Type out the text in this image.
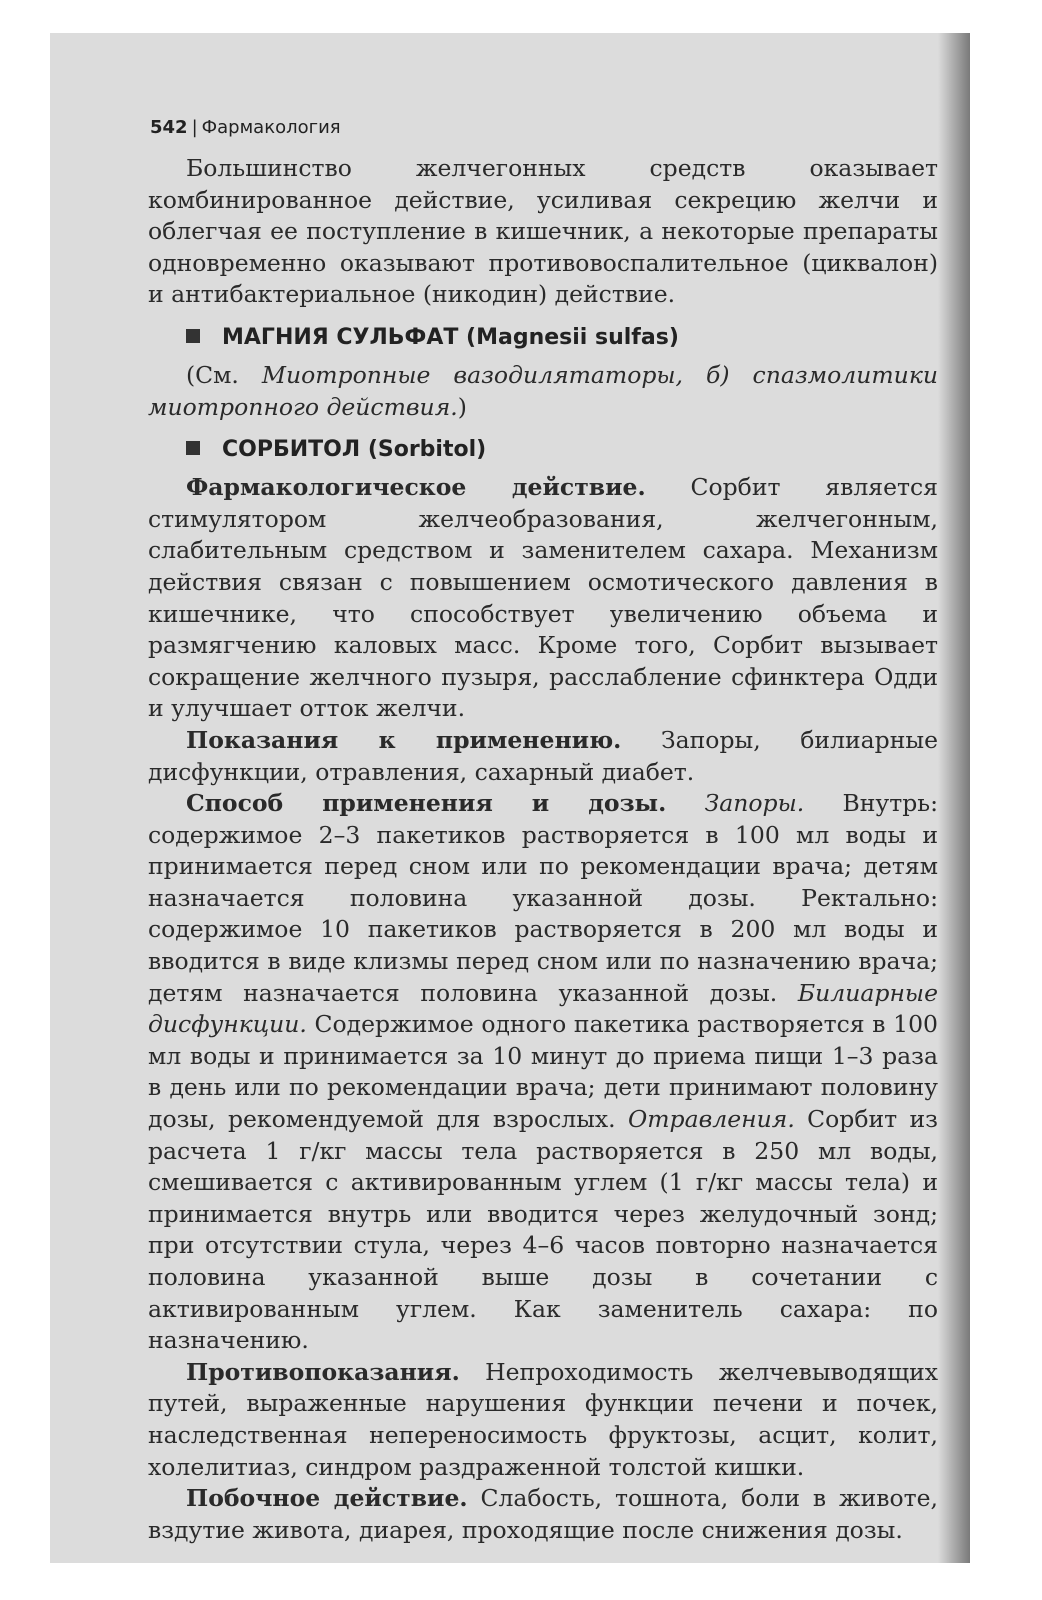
542 | Фармакология

Большинство желчегонных средств оказывает комбинированное действие, усиливая секрецию желчи и облегчая ее поступление в кишечник, а некоторые препараты одновременно оказывают противовоспалительное (циквалон) и антибактериальное (никодин) действие.

МАГНИЯ СУЛЬФАТ (Magnesii sulfas)

(См. Миотропные вазодилятаторы, б) спазмолитики миотропного действия.)

СОРБИТОЛ (Sorbitol)

Фармакологическое действие. Сорбит является стимулятором желчеобразования, желчегонным, слабительным средством и заменителем сахара. Механизм действия связан с повышением осмотического давления в кишечнике, что способствует увеличению объема и размягчению каловых масс. Кроме того, Сорбит вызывает сокращение желчного пузыря, расслабление сфинктера Одди и улучшает отток желчи.

Показания к применению. Запоры, билиарные дисфункции, отравления, сахарный диабет.

Способ применения и дозы. Запоры. Внутрь: содержимое 2–3 пакетиков растворяется в 100 мл воды и принимается перед сном или по рекомендации врача; детям назначается половина указанной дозы. Ректально: содержимое 10 пакетиков растворяется в 200 мл воды и вводится в виде клизмы перед сном или по назначению врача; детям назначается половина указанной дозы. Билиарные дисфункции. Содержимое одного пакетика растворяется в 100 мл воды и принимается за 10 минут до приема пищи 1–3 раза в день или по рекомендации врача; дети принимают половину дозы, рекомендуемой для взрослых. Отравления. Сорбит из расчета 1 г/кг массы тела растворяется в 250 мл воды, смешивается с активированным углем (1 г/кг массы тела) и принимается внутрь или вводится через желудочный зонд; при отсутствии стула, через 4–6 часов повторно назначается половина указанной выше дозы в сочетании с активированным углем. Как заменитель сахара: по назначению.

Противопоказания. Непроходимость желчевыводящих путей, выраженные нарушения функции печени и почек, наследственная непереносимость фруктозы, асцит, колит, холелитиаз, синдром раздраженной толстой кишки.

Побочное действие. Слабость, тошнота, боли в животе, вздутие живота, диарея, проходящие после снижения дозы.
